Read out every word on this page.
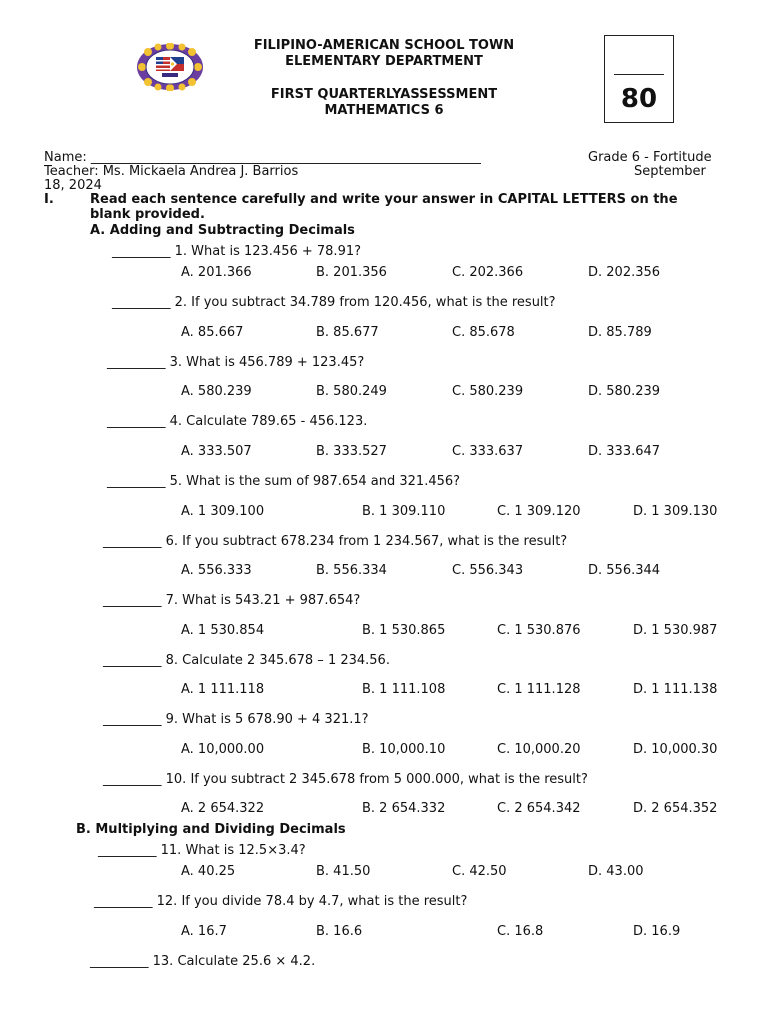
FILIPINO-AMERICAN SCHOOL TOWN
ELEMENTARY DEPARTMENT
FIRST QUARTERLYASSESSMENT
MATHEMATICS 6	80
Name: ____________________________________________________________	Grade 6 - Fortitude
Teacher: Ms. Mickaela Andrea J. Barrios	September
18, 2024
I.	Read each sentence carefully and write your answer in CAPITAL LETTERS on the
blank provided.
A. Adding and Subtracting Decimals
_________ 1. What is 123.456 + 78.91?
A. 201.366	B. 201.356	C. 202.366	D. 202.356
_________ 2. If you subtract 34.789 from 120.456, what is the result?
A. 85.667	B. 85.677	C. 85.678	D. 85.789
_________ 3. What is 456.789 + 123.45?
A. 580.239	B. 580.249	C. 580.239	D. 580.239
_________ 4. Calculate 789.65 - 456.123.
A. 333.507	B. 333.527	C. 333.637	D. 333.647
_________ 5. What is the sum of 987.654 and 321.456?
A. 1 309.100	B. 1 309.110	C. 1 309.120	D. 1 309.130
_________ 6. If you subtract 678.234 from 1 234.567, what is the result?
A. 556.333	B. 556.334	C. 556.343	D. 556.344
_________ 7. What is 543.21 + 987.654?
A. 1 530.854	B. 1 530.865	C. 1 530.876	D. 1 530.987
_________ 8. Calculate 2 345.678 – 1 234.56.
A. 1 111.118	B. 1 111.108	C. 1 111.128	D. 1 111.138
_________ 9. What is 5 678.90 + 4 321.1?
A. 10,000.00	B. 10,000.10	C. 10,000.20	D. 10,000.30
_________ 10. If you subtract 2 345.678 from 5 000.000, what is the result?
A. 2 654.322	B. 2 654.332	C. 2 654.342	D. 2 654.352
_________ 11. What is 12.5×3.4?
A. 40.25	B. 41.50	C. 42.50	D. 43.00
_________ 12. If you divide 78.4 by 4.7, what is the result?
A. 16.7	B. 16.6	C. 16.8	D. 16.9
_________ 13. Calculate 25.6 × 4.2.
B. Multiplying and Dividing Decimals
